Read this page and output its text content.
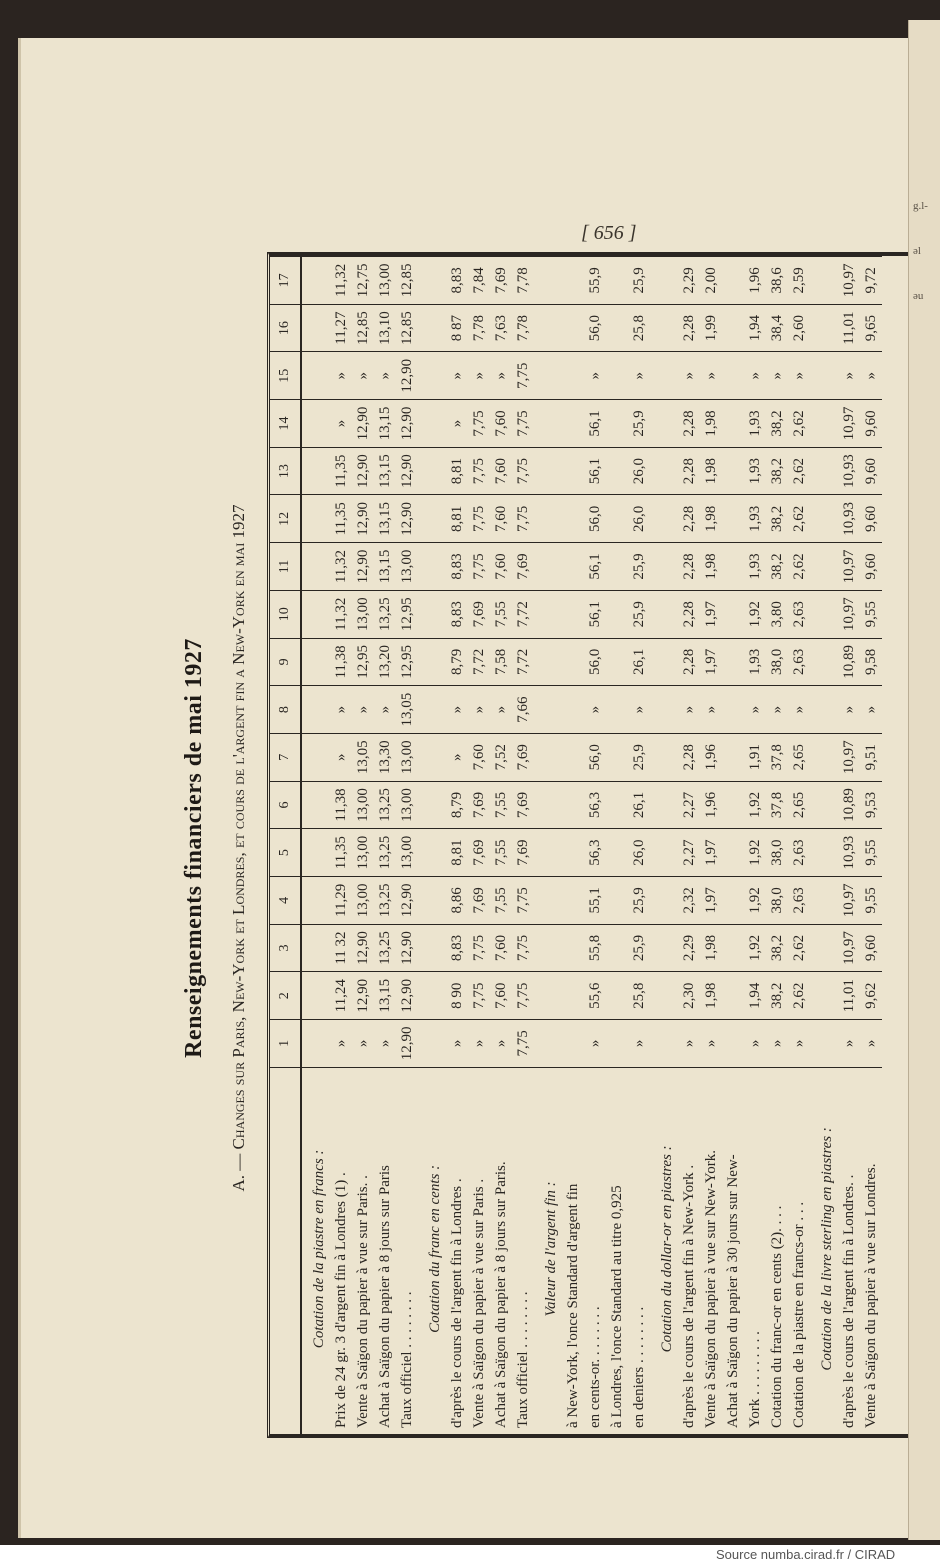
[ 656 ]
Renseignements financiers de mai 1927 A. — Changes sur Paris, New-York et Londres, et cours de l'argent fin a New-York en mai 1927
	1	2	3	4	5	6	7	8	9	10	11	12	13	14	15	16	17
Cotation de la piastre en francs :																	
Prix de 24 gr. 3 d'argent fin à Londres (1) .	»	11,24	11 32	11,29	11,35	11,38	»	»	11,38	11,32	11,32	11,35	11,35	»	»	11,27	11,32
Vente à Saïgon du papier à vue sur Paris. .	»	12,90	12,90	13,00	13,00	13,00	13,05	»	12,95	13,00	12,90	12,90	12,90	12,90	»	12,85	12,75
Achat à Saïgon du papier à 8 jours sur Paris	»	13,15	13,25	13,25	13,25	13,25	13,30	»	13,20	13,25	13,15	13,15	13,15	13,15	»	13,10	13,00
Taux officiel . . . . . . . .	12,90	12,90	12,90	12,90	13,00	13,00	13,00	13,05	12,95	12,95	13,00	12,90	12,90	12,90	12,90	12,85	12,85
Cotation du franc en cents :																	
d'après le cours de l'argent fin à Londres .	»	8 90	8,83	8,86	8,81	8,79	»	»	8,79	8,83	8,83	8,81	8,81	»	»	8 87	8,83
Vente à Saïgon du papier à vue sur Paris .	»	7,75	7,75	7,69	7,69	7,69	7,60	»	7,72	7,69	7,75	7,75	7,75	7,75	»	7,78	7,84
Achat à Saïgon du papier à 8 jours sur Paris.	»	7,60	7,60	7,55	7,55	7,55	7,52	»	7,58	7,55	7,60	7,60	7,60	7,60	»	7,63	7,69
Taux officiel . . . . . . . .	7,75	7,75	7,75	7,75	7,69	7,69	7,69	7,66	7,72	7,72	7,69	7,75	7,75	7,75	7,75	7,78	7,78
Valeur de l'argent fin :																	
à New-York, l'once Standard d'argent fin																	
en cents-or. . . . . . . .	»	55,6	55,8	55,1	56,3	56,3	56,0	»	56,0	56,1	56,1	56,0	56,1	56,1	»	56,0	55,9
à Londres, l'once Standard au titre 0,925																	
en deniers . . . . . . . .	»	25,8	25,9	25,9	26,0	26,1	25,9	»	26,1	25,9	25,9	26,0	26,0	25,9	»	25,8	25,9
Cotation du dollar-or en piastres :																	
d'après le cours de l'argent fin à New-York .	»	2,30	2,29	2,32	2,27	2,27	2,28	»	2,28	2,28	2,28	2,28	2,28	2,28	»	2,28	2,29
Vente à Saïgon du papier à vue sur New-York.	»	1,98	1,98	1,97	1,97	1,96	1,96	»	1,97	1,97	1,98	1,98	1,98	1,98	»	1,99	2,00
Achat à Saïgon du papier à 30 jours sur New-																	
York . . . . . . . . .	»	1,94	1,92	1,92	1,92	1,92	1,91	»	1,93	1,92	1,93	1,93	1,93	1,93	»	1,94	1,96
Cotation du franc-or en cents (2). . . .	»	38,2	38,2	38,0	38,0	37,8	37,8	»	38,0	3,80	38,2	38,2	38,2	38,2	»	38,4	38,6
Cotation de la piastre en francs-or . . .	»	2,62	2,62	2,63	2,63	2,65	2,65	»	2,63	2,63	2,62	2,62	2,62	2,62	»	2,60	2,59
Cotation de la livre sterling en piastres :																	
d'après le cours de l'argent fin à Londres. .	»	11,01	10,97	10,97	10,93	10,89	10,97	»	10,89	10,97	10,97	10,93	10,93	10,97	»	11,01	10,97
Vente à Saïgon du papier à vue sur Londres.	»	9,62	9,60	9,55	9,55	9,53	9,51	»	9,58	9,55	9,60	9,60	9,60	9,60	»	9,65	9,72
g.l-
əl
əu
Source numba.cirad.fr / CIRAD
